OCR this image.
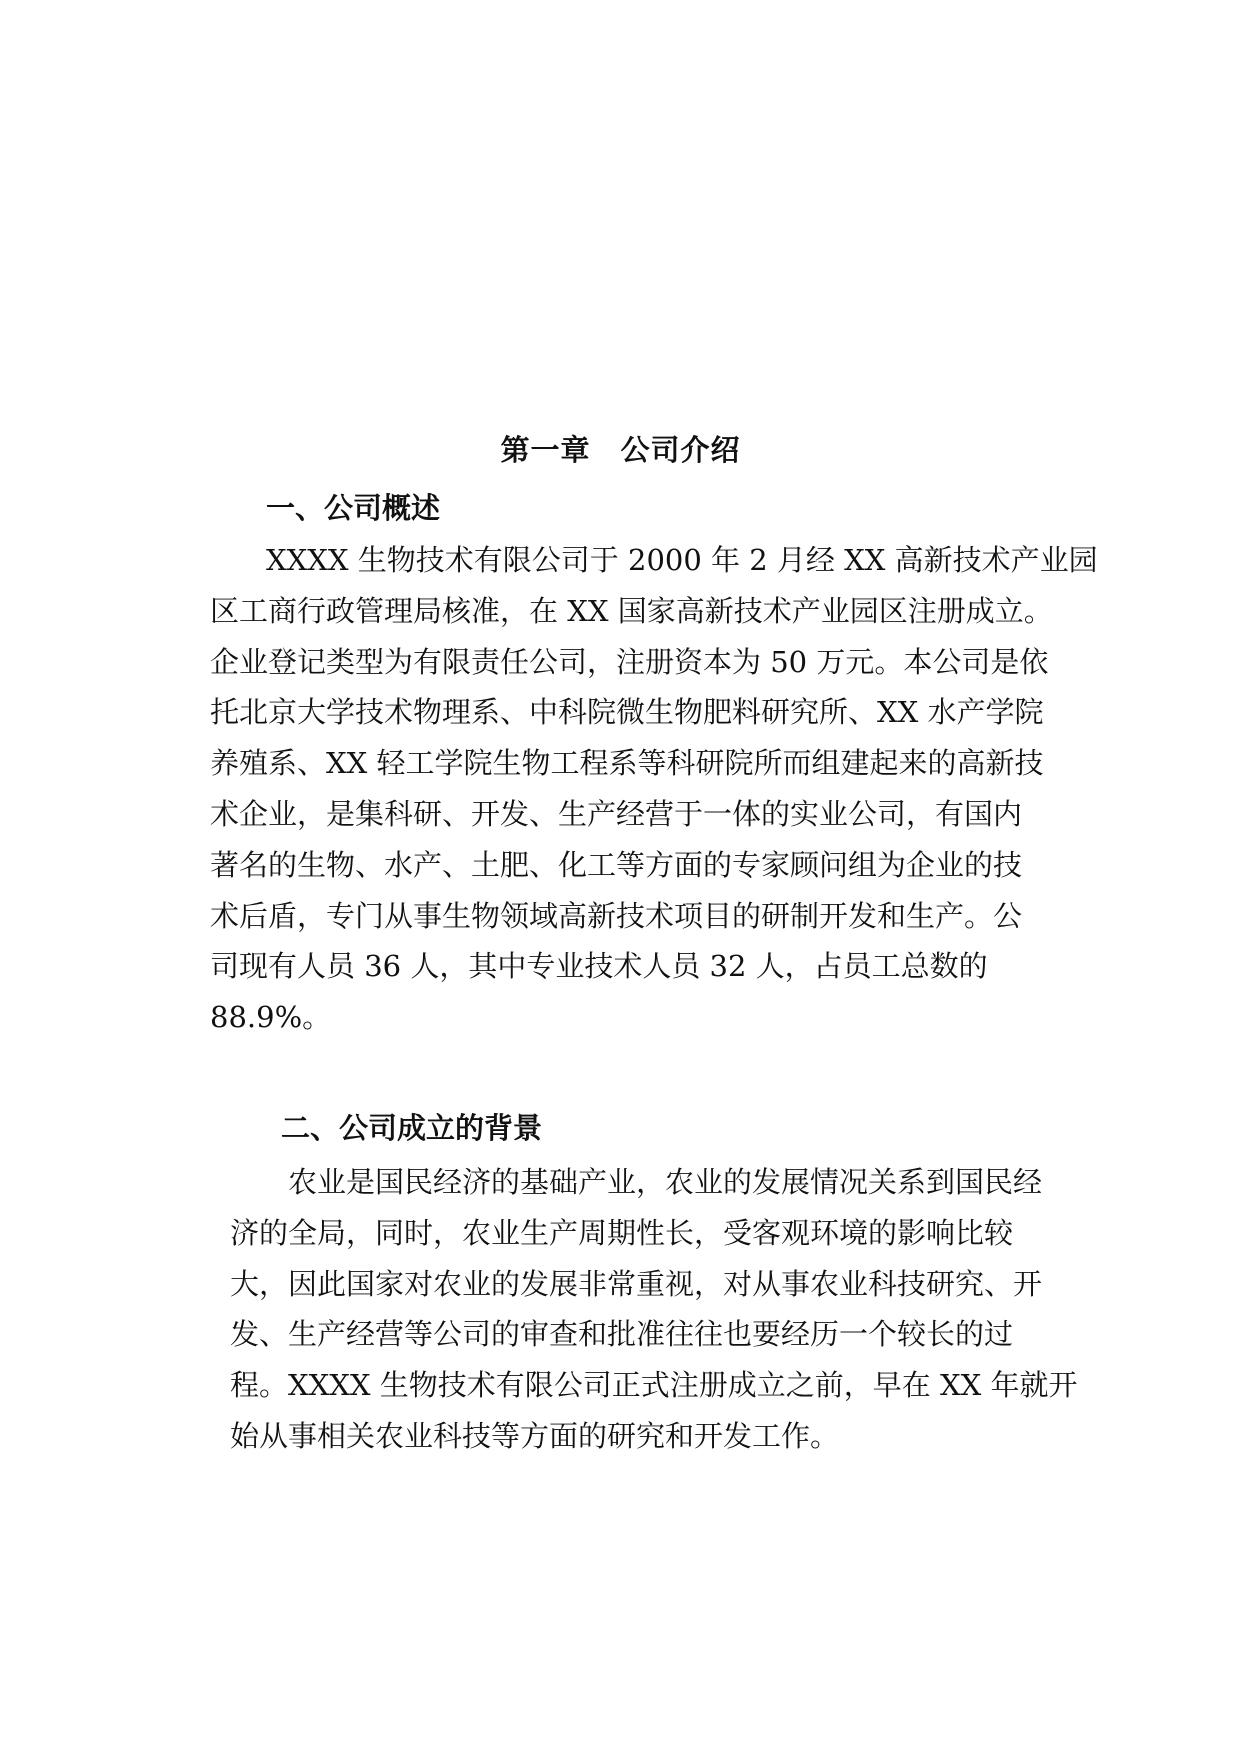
第一章　公司介绍
一、公司概述
XXXX 生物技术有限公司于 2000 年 2 月经 XX 高新技术产业园
区工商行政管理局核准，在 XX 国家高新技术产业园区注册成立。
企业登记类型为有限责任公司，注册资本为 50 万元。本公司是依
托北京大学技术物理系、中科院微生物肥料研究所、XX 水产学院
养殖系、XX 轻工学院生物工程系等科研院所而组建起来的高新技
术企业，是集科研、开发、生产经营于一体的实业公司，有国内
著名的生物、水产、土肥、化工等方面的专家顾问组为企业的技
术后盾，专门从事生物领域高新技术项目的研制开发和生产。公
司现有人员 36 人，其中专业技术人员 32 人，占员工总数的
88.9%。
二、公司成立的背景
农业是国民经济的基础产业，农业的发展情况关系到国民经
济的全局，同时，农业生产周期性长，受客观环境的影响比较
大，因此国家对农业的发展非常重视，对从事农业科技研究、开
发、生产经营等公司的审查和批准往往也要经历一个较长的过
程。XXXX 生物技术有限公司正式注册成立之前，早在 XX 年就开
始从事相关农业科技等方面的研究和开发工作。
